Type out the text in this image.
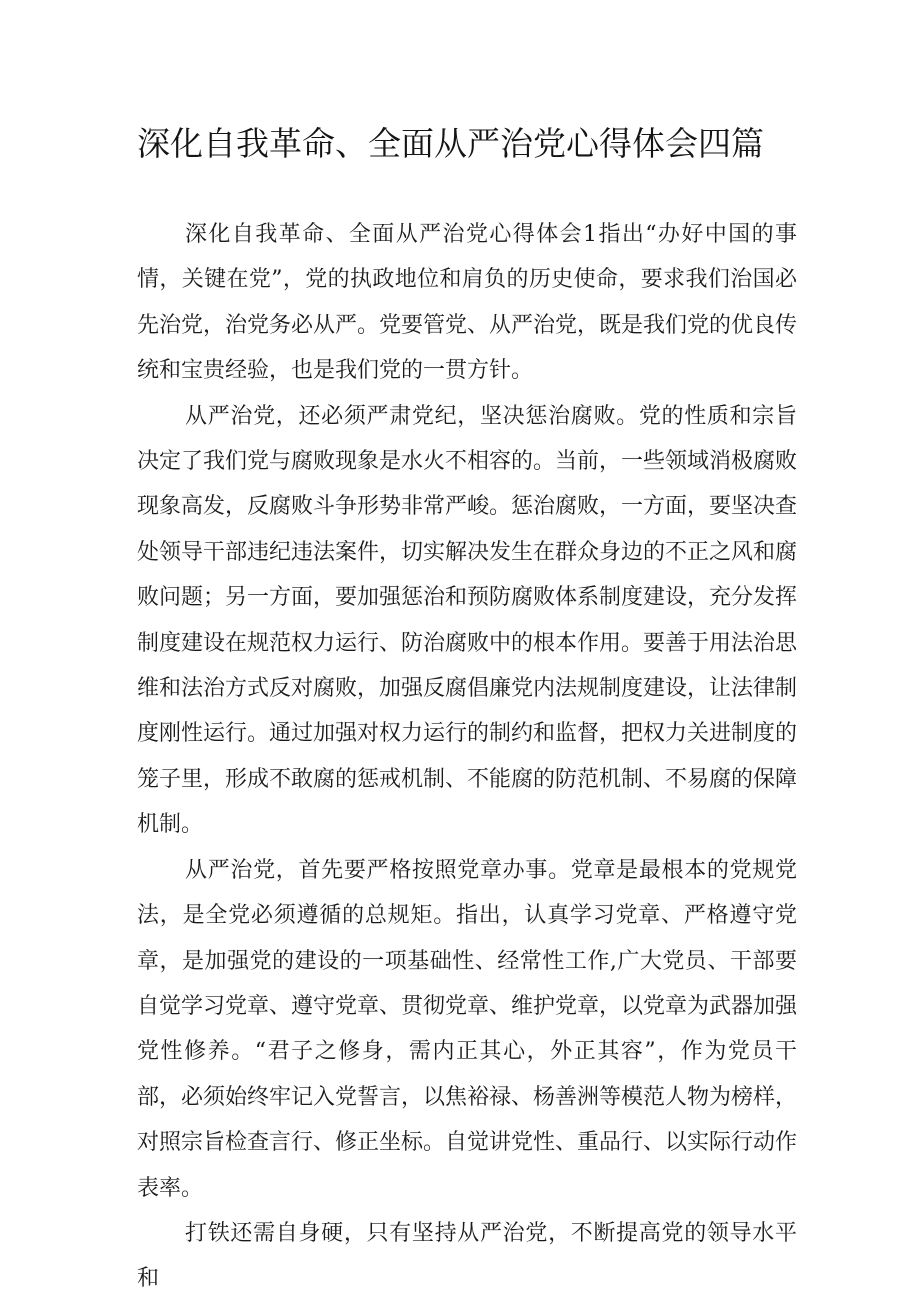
深化自我革命、全面从严治党心得体会四篇

深化自我革命、全面从严治党心得体会1指出“办好中国的事情，关键在党”，党的执政地位和肩负的历史使命，要求我们治国必先治党，治党务必从严。党要管党、从严治党，既是我们党的优良传统和宝贵经验，也是我们党的一贯方针。

从严治党，还必须严肃党纪，坚决惩治腐败。党的性质和宗旨决定了我们党与腐败现象是水火不相容的。当前，一些领域消极腐败现象高发，反腐败斗争形势非常严峻。惩治腐败，一方面，要坚决查处领导干部违纪违法案件，切实解决发生在群众身边的不正之风和腐败问题；另一方面，要加强惩治和预防腐败体系制度建设，充分发挥制度建设在规范权力运行、防治腐败中的根本作用。要善于用法治思维和法治方式反对腐败，加强反腐倡廉党内法规制度建设，让法律制度刚性运行。通过加强对权力运行的制约和监督，把权力关进制度的笼子里，形成不敢腐的惩戒机制、不能腐的防范机制、不易腐的保障机制。

从严治党，首先要严格按照党章办事。党章是最根本的党规党法，是全党必须遵循的总规矩。指出，认真学习党章、严格遵守党章，是加强党的建设的一项基础性、经常性工作,广大党员、干部要自觉学习党章、遵守党章、贯彻党章、维护党章，以党章为武器加强党性修养。“君子之修身，需内正其心，外正其容”，作为党员干部，必须始终牢记入党誓言，以焦裕禄、杨善洲等模范人物为榜样，对照宗旨检查言行、修正坐标。自觉讲党性、重品行、以实际行动作表率。

打铁还需自身硬，只有坚持从严治党，不断提高党的领导水平和
